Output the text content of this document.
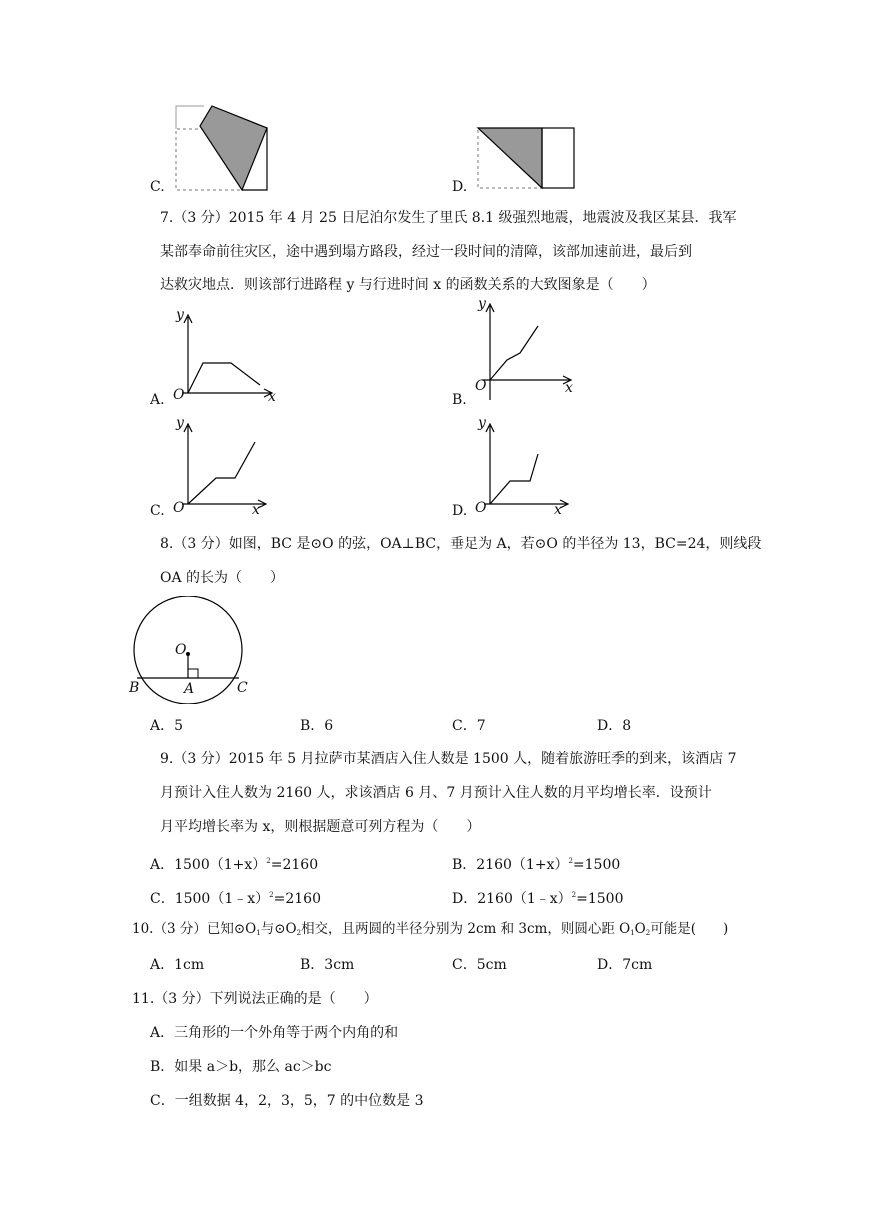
C.	D.
7.（3 分）2015 年 4 月 25 日尼泊尔发生了里氏 8.1 级强烈地震，地震波及我区某县．我军
某部奉命前往灾区，途中遇到塌方路段，经过一段时间的清障，该部加速前进，最后到
达救灾地点．则该部行进路程 y 与行进时间 x 的函数关系的大致图象是（　　）
A.
y
O	x	B.
y
O	x
C.
y
O	x	D.
y
O	x
8.（3 分）如图，BC 是⊙O 的弦，OA⊥BC，垂足为 A，若⊙O 的半径为 13，BC=24，则线段
OA 的长为（　　）
O
A
B	C
A．5	B．6	C．7	D．8
9.（3 分）2015 年 5 月拉萨市某酒店入住人数是 1500 人，随着旅游旺季的到来，该酒店 7
月预计入住人数为 2160 人，求该酒店 6 月、7 月预计入住人数的月平均增长率．设预计
月平均增长率为 x，则根据题意可列方程为（　　）
A．$1500(1+x)^2=2160$	B．$2160(1+x)^2=1500$
C．1500（1﹣x）$^2$=2160	D．2160（1﹣x）$^2$=1500
10.（3 分）已知$⊙O_1$与$⊙O_2$相交，且两圆的半径分别为 2cm 和 3cm，则圆心距 $O_1O_2$可能是(　　)
A．1cm	B．3cm	C．5cm	D．7cm
11.（3 分）下列说法正确的是（　　）
A．三角形的一个外角等于两个内角的和
B．如果 a＞b，那么 ac＞bc
C．一组数据 4，2，3，5，7 的中位数是 3
